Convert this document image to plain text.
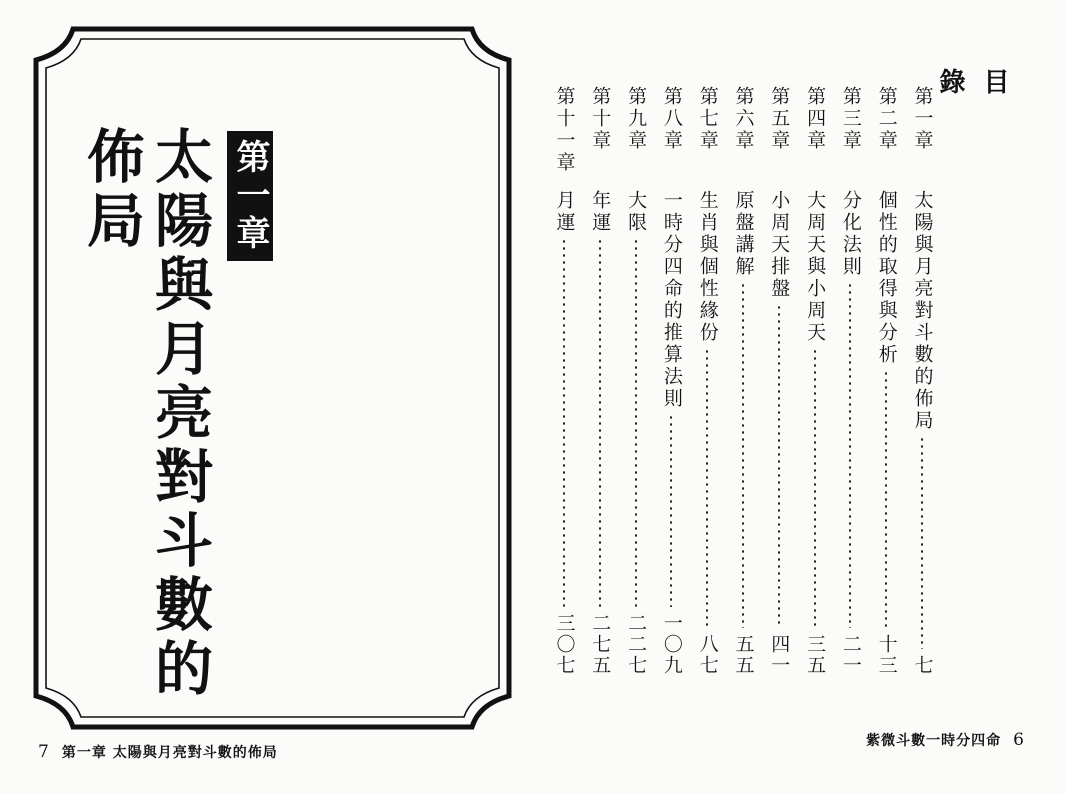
第一章
太陽與月亮對斗數的佈局
7 第一章 太陽與月亮對斗數的佈局
目錄
第一章
太陽與月亮對斗數的佈局
七
第二章
個性的取得與分析
十三
第三章
分化法則
二一
第四章
大周天與小周天
三五
第五章
小周天排盤
四一
第六章
原盤講解
五五
第七章
生肖與個性緣份
八七
第八章
一時分四命的推算法則
一〇九
第九章
大限
二二七
第十章
年運
二七五
第十一章
月運
三〇七
紫微斗數一時分四命 6
